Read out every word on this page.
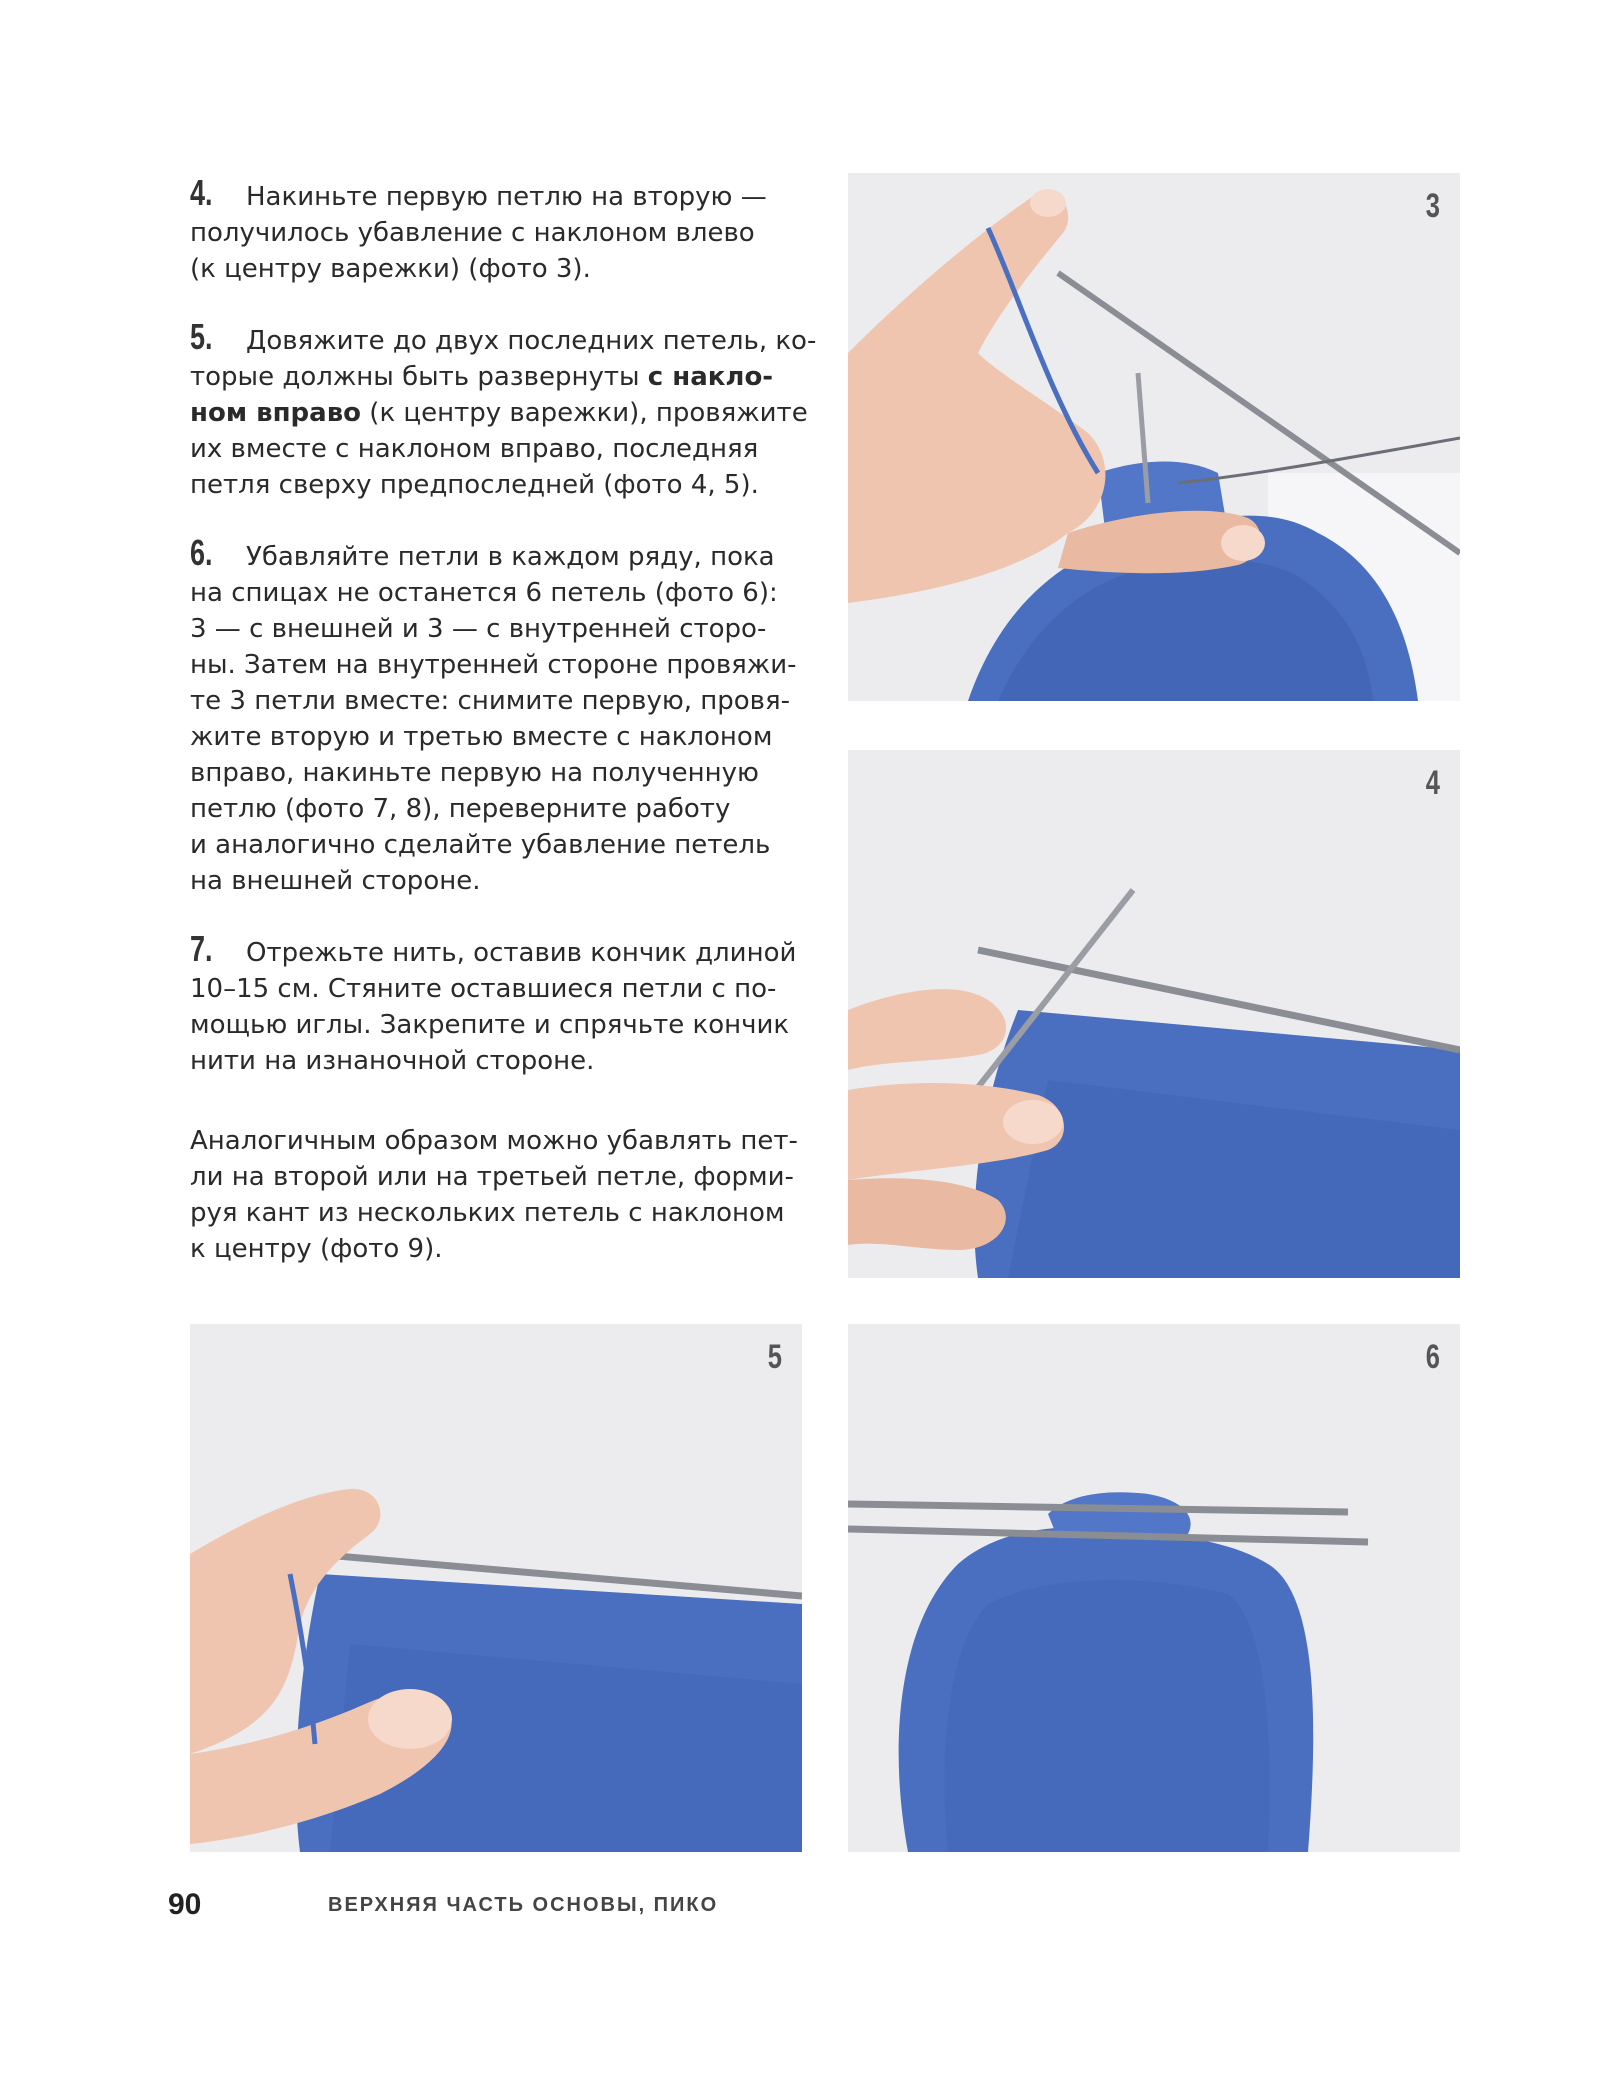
4. Накиньте первую петлю на вторую —
получилось убавление с наклоном влево
(к центру варежки) (фото 3).
5. Довяжите до двух последних петель, ко-
торые должны быть развернуты с накло-
ном вправо (к центру варежки), провяжите
их вместе с наклоном вправо, последняя
петля сверху предпоследней (фото 4, 5).
6. Убавляйте петли в каждом ряду, пока
на спицах не останется 6 петель (фото 6):
3 — с внешней и 3 — с внутренней сторо-
ны. Затем на внутренней стороне провяжи-
те 3 петли вместе: снимите первую, провя-
жите вторую и третью вместе с наклоном
вправо, накиньте первую на полученную
петлю (фото 7, 8), переверните работу
и аналогично сделайте убавление петель
на внешней стороне.
7. Отрежьте нить, оставив кончик длиной
10–15 см. Стяните оставшиеся петли с по-
мощью иглы. Закрепите и спрячьте кончик
нити на изнаночной стороне.
Аналогичным образом можно убавлять пет-
ли на второй или на третьей петле, форми-
руя кант из нескольких петель с наклоном
к центру (фото 9).
3
4
5	6
90	ВЕРХНЯЯ ЧАСТЬ ОСНОВЫ, ПИКО
